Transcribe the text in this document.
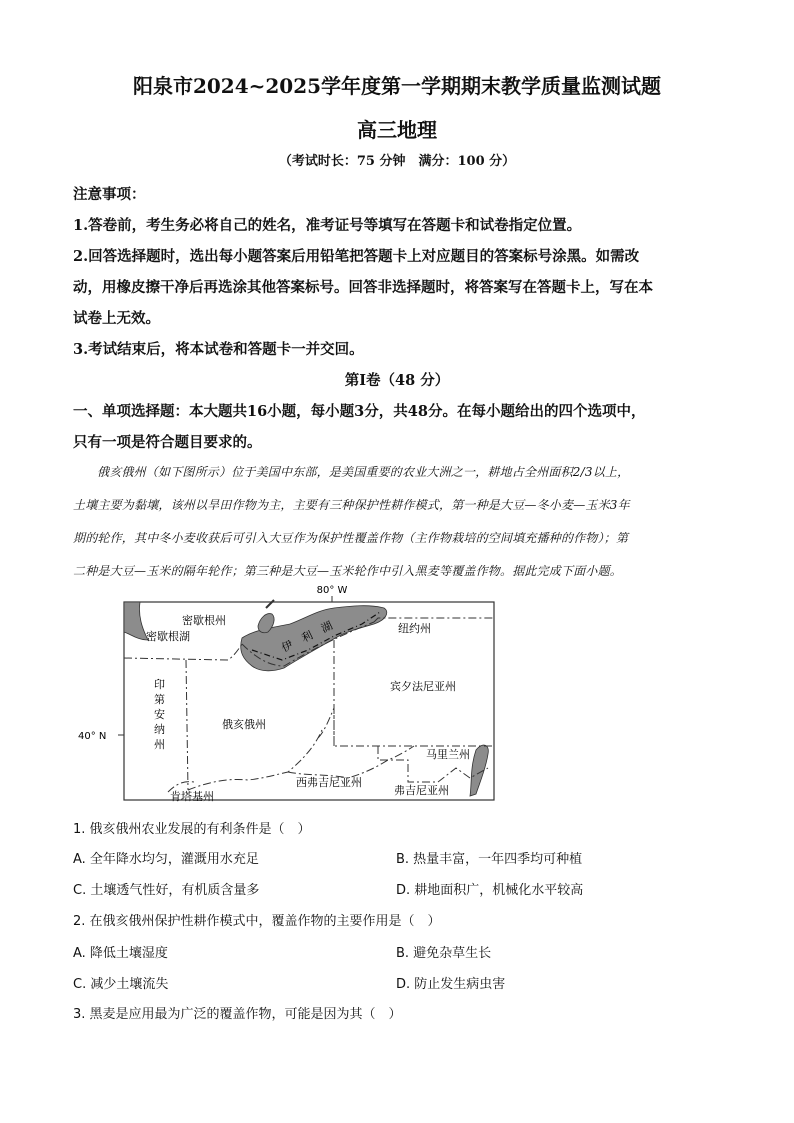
阳泉市2024~2025学年度第一学期期末教学质量监测试题
高三地理
（考试时长：75 分钟　满分：100 分）
注意事项：
1.答卷前，考生务必将自己的姓名，准考证号等填写在答题卡和试卷指定位置。
2.回答选择题时，选出每小题答案后用铅笔把答题卡上对应题目的答案标号涂黑。如需改
动，用橡皮擦干净后再选涂其他答案标号。回答非选择题时，将答案写在答题卡上，写在本
试卷上无效。
3.考试结束后，将本试卷和答题卡一并交回。
第Ⅰ卷（48 分）
一、单项选择题：本大题共16小题，每小题3分，共48分。在每小题给出的四个选项中，
只有一项是符合题目要求的。
俄亥俄州（如下图所示）位于美国中东部，是美国重要的农业大洲之一，耕地占全州面积2/3以上，
土壤主要为黏壤，该州以旱田作物为主，主要有三种保护性耕作模式，第一种是大豆—冬小麦—玉米3年
期的轮作，其中冬小麦收获后可引入大豆作为保护性覆盖作物（主作物栽培的空间填充播种的作物）；第
二种是大豆—玉米的隔年轮作；第三种是大豆—玉米轮作中引入黑麦等覆盖作物。据此完成下面小题。
80° W
40° N
密歇根州
密歇根湖	伊　利　湖	纽约州
宾夕法尼亚州
俄亥俄州
马里兰州
西弗吉尼亚州
弗吉尼亚州
肯塔基州
印第安纳州
1. 俄亥俄州农业发展的有利条件是（　）
A. 全年降水均匀，灌溉用水充足	B. 热量丰富，一年四季均可种植
C. 土壤透气性好，有机质含量多	D. 耕地面积广，机械化水平较高
2. 在俄亥俄州保护性耕作模式中，覆盖作物的主要作用是（　）
A. 降低土壤湿度	B. 避免杂草生长
C. 减少土壤流失	D. 防止发生病虫害
3. 黑麦是应用最为广泛的覆盖作物，可能是因为其（　）
